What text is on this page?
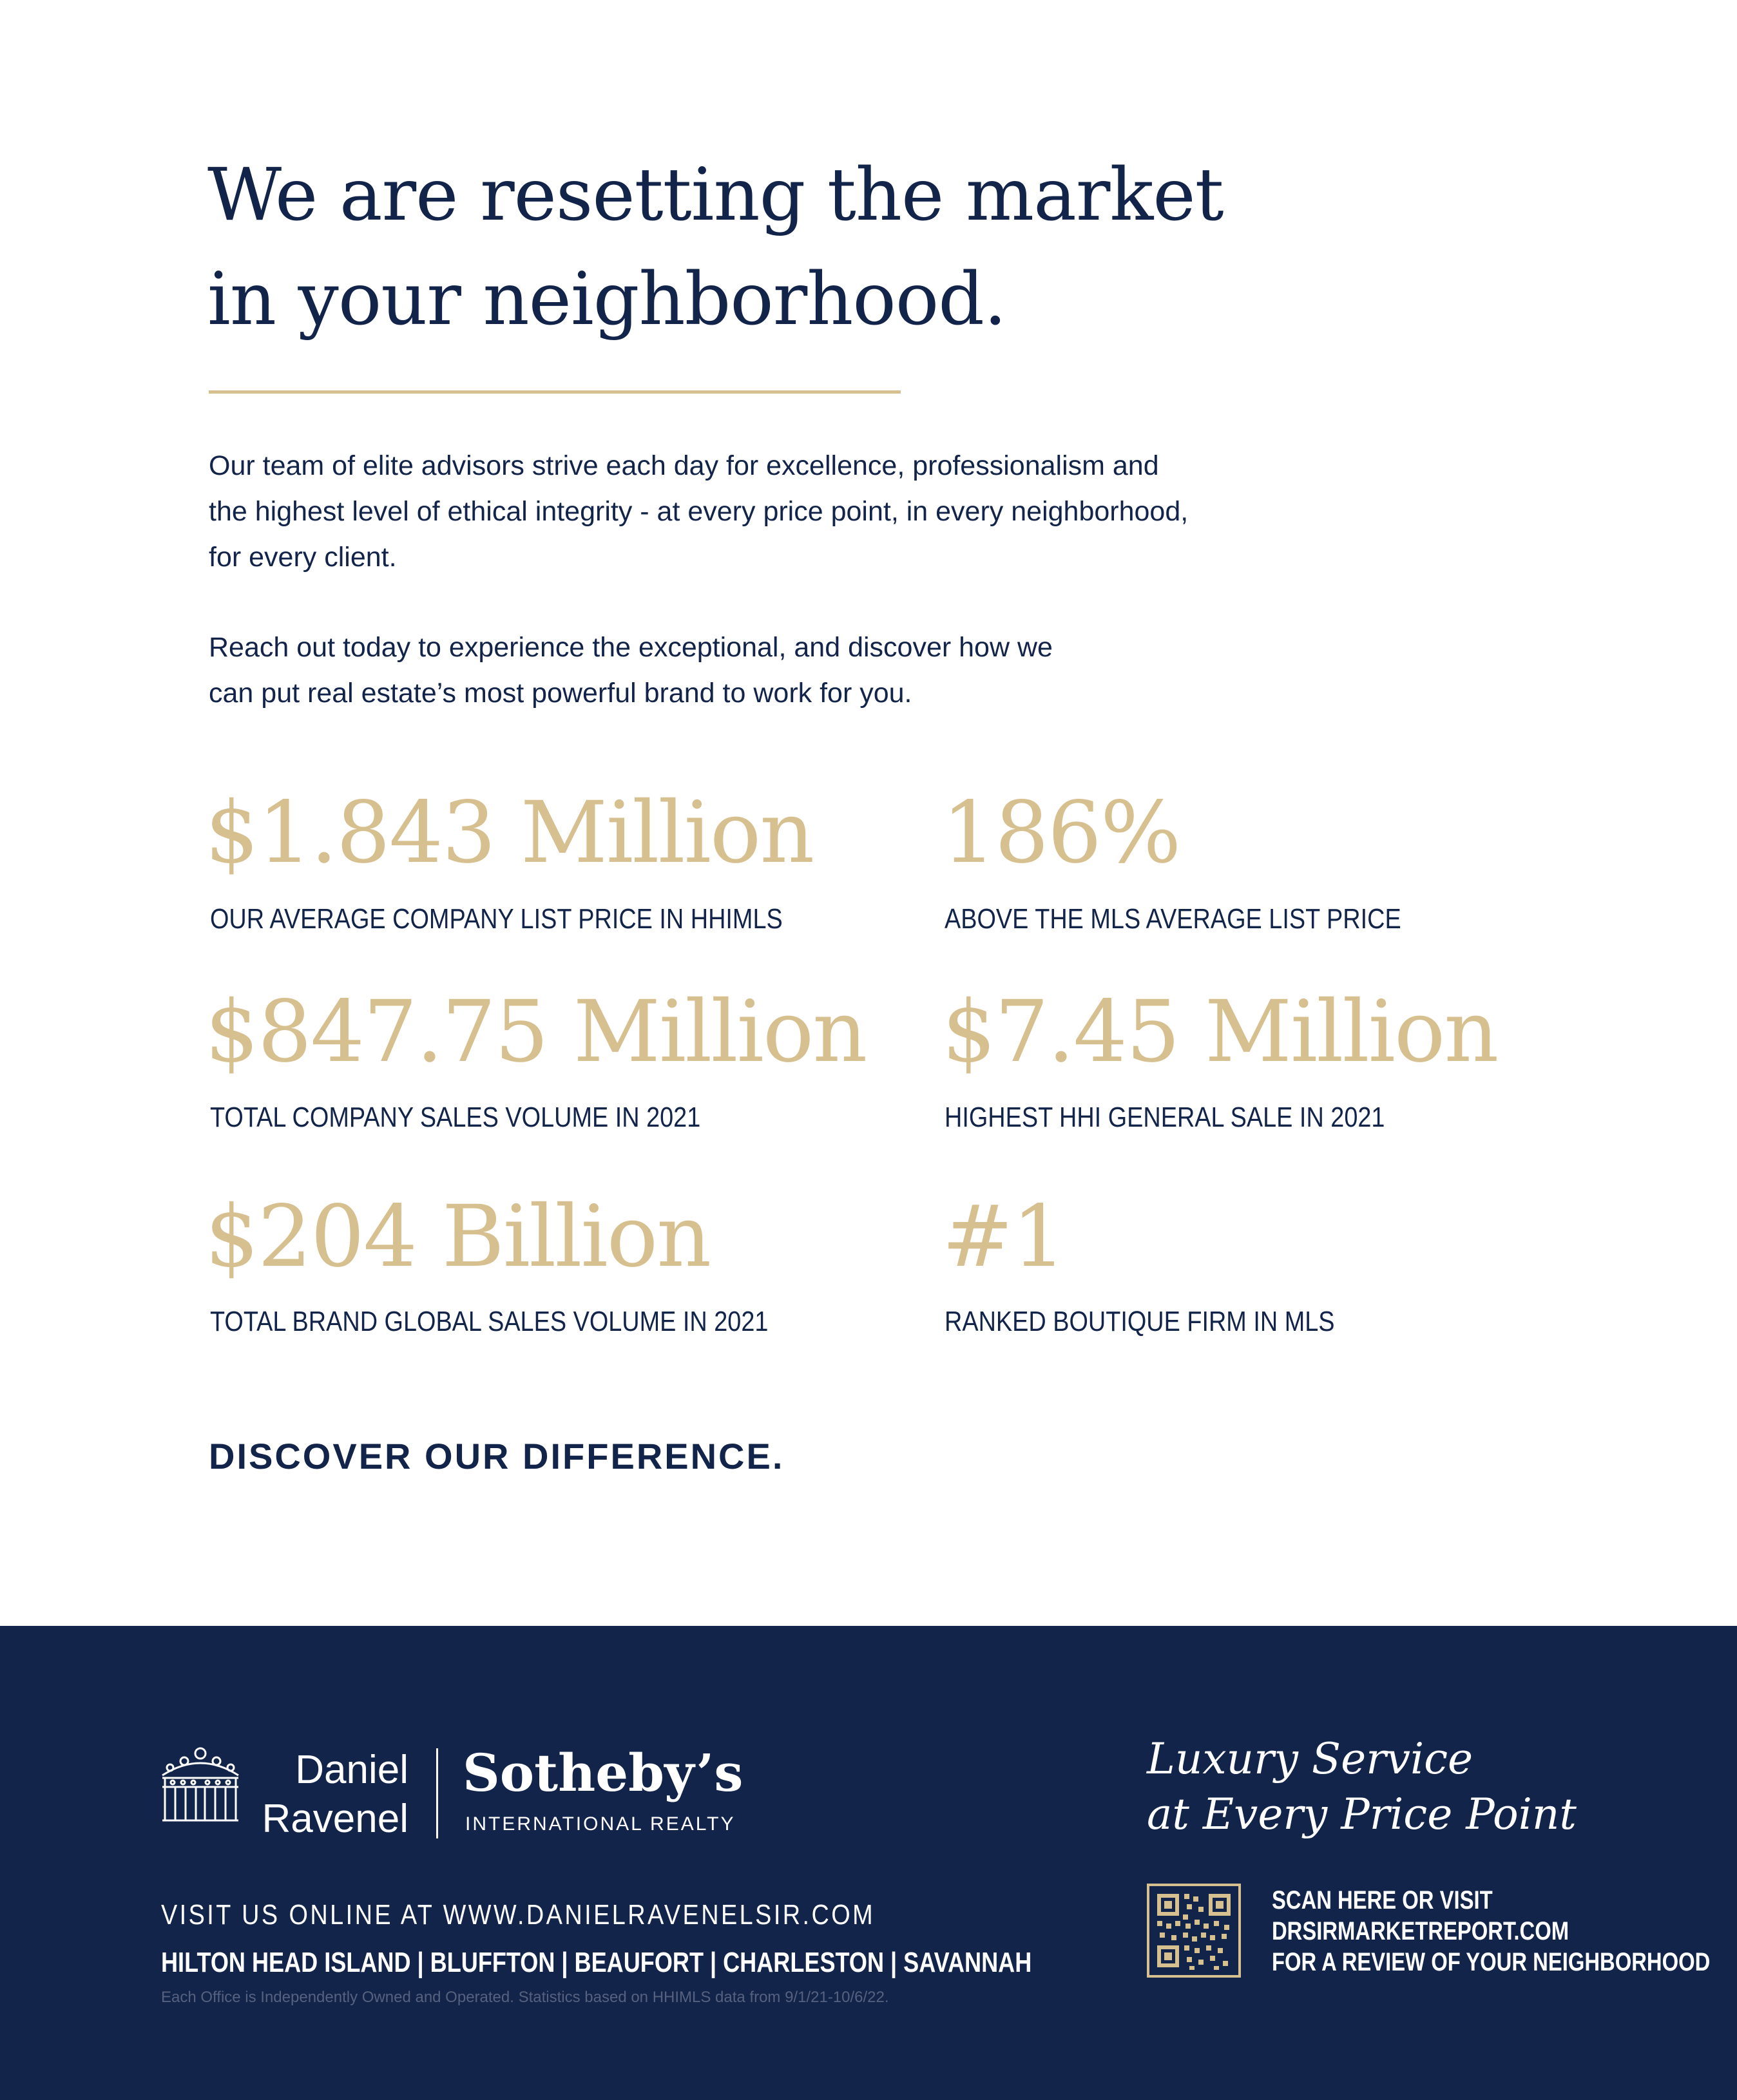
We are resetting the market
in your neighborhood.

Our team of elite advisors strive each day for excellence, professionalism and
the highest level of ethical integrity - at every price point, in every neighborhood,
for every client.

Reach out today to experience the exceptional, and discover how we
can put real estate’s most powerful brand to work for you.

$1.843 Million
OUR AVERAGE COMPANY LIST PRICE IN HHIMLS
186%
ABOVE THE MLS AVERAGE LIST PRICE
$847.75 Million
TOTAL COMPANY SALES VOLUME IN 2021
$7.45 Million
HIGHEST HHI GENERAL SALE IN 2021
$204 Billion
TOTAL BRAND GLOBAL SALES VOLUME IN 2021
#1
RANKED BOUTIQUE FIRM IN MLS
DISCOVER OUR DIFFERENCE.
Daniel
Ravenel
Sotheby’s
INTERNATIONAL REALTY
Luxury Service
at Every Price Point
VISIT US ONLINE AT WWW.DANIELRAVENELSIR.COM
HILTON HEAD ISLAND | BLUFFTON | BEAUFORT | CHARLESTON | SAVANNAH
Each Office is Independently Owned and Operated. Statistics based on HHIMLS data from 9/1/21-10/6/22.
SCAN HERE OR VISIT
DRSIRMARKETREPORT.COM
FOR A REVIEW OF YOUR NEIGHBORHOOD
